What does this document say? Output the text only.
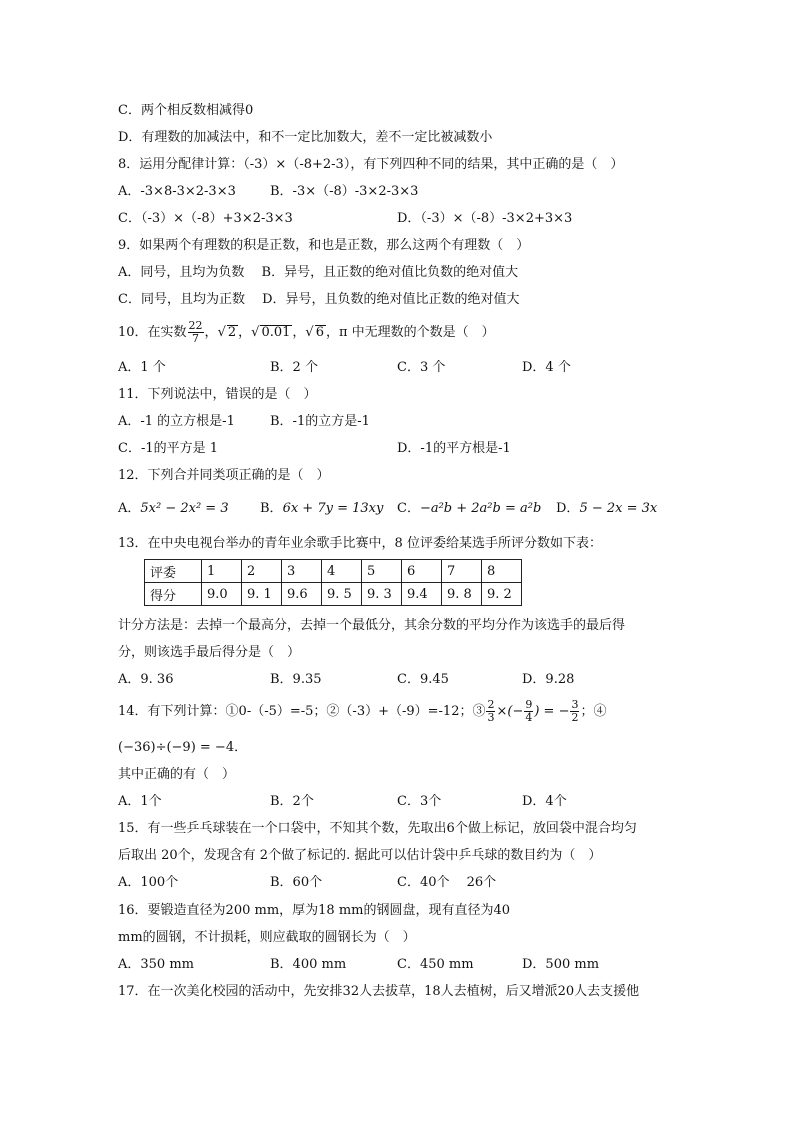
C．两个相反数相减得0
D．有理数的加减法中，和不一定比加数大，差不一定比被减数小
8．运用分配律计算：（-3）×（-8+2-3），有下列四种不同的结果，其中正确的是（　）
A．-3×8-3×2-3×3	B．-3×（-8）-3×2-3×3
C．（-3）×（-8）+3×2-3×3	D．（-3）×（-8）-3×2+3×3
9．如果两个有理数的积是正数，和也是正数，那么这两个有理数（　）
A．同号，且均为负数　 B．异号，且正数的绝对值比负数的绝对值大
C．同号，且均为正数　 D．异号，且负数的绝对值比正数的绝对值大
10．在实数 $\frac{22}{7}$ ，√ 2 ，√ 0.01 ，√ 6 ，π 中无理数的个数是（　）
A．1 个	B．2 个	C．3 个	D．4 个
11．下列说法中，错误的是（　）
A．-1 的立方根是-1	B．-1的立方是-1
C．-1的平方是 1	D．-1的平方根是-1
12．下列合并同类项正确的是（　）
A．5x² − 2x² = 3 B．6x + 7y = 13xy C．−a²b + 2a²b = a²b D．5 − 2x = 3x
13．在中央电视台举办的青年业余歌手比赛中，8 位评委给某选手所评分数如下表：
评委	1	2	3	4	5	6	7	8
得分	9.0	9. 1	9.6	9. 5	9. 3	9.4	9. 8	9. 2
计分方法是：去掉一个最高分，去掉一个最低分，其余分数的平均分作为该选手的最后得
分，则该选手最后得分是（　）
A．9. 36	B．9.35	C．9.45	D．9.28
14．有下列计算：①0-（-5）=-5；②（-3）+（-9）=-12；③ $\frac{2}{3}$ ×(− $\frac{9}{4}$ ) = − $\frac{3}{2}$ ；④
(−36)÷(−9) = −4．
其中正确的有（　）
A．1个	B．2个	C．3个	D．4个
15．有一些乒乓球装在一个口袋中，不知其个数，先取出6个做上标记，放回袋中混合均匀
后取出 20个，发现含有 2个做了标记的. 据此可以估计袋中乒乓球的数目约为（　）
A．100个	B．60个	C．40个　 26个
16．要锻造直径为200 mm，厚为18 mm的钢圆盘，现有直径为40
mm的圆钢，不计损耗，则应截取的圆钢长为（　）
A．350 mm	B．400 mm	C．450 mm	D．500 mm
17．在一次美化校园的活动中，先安排32人去拔草，18人去植树，后又增派20人去支援他
